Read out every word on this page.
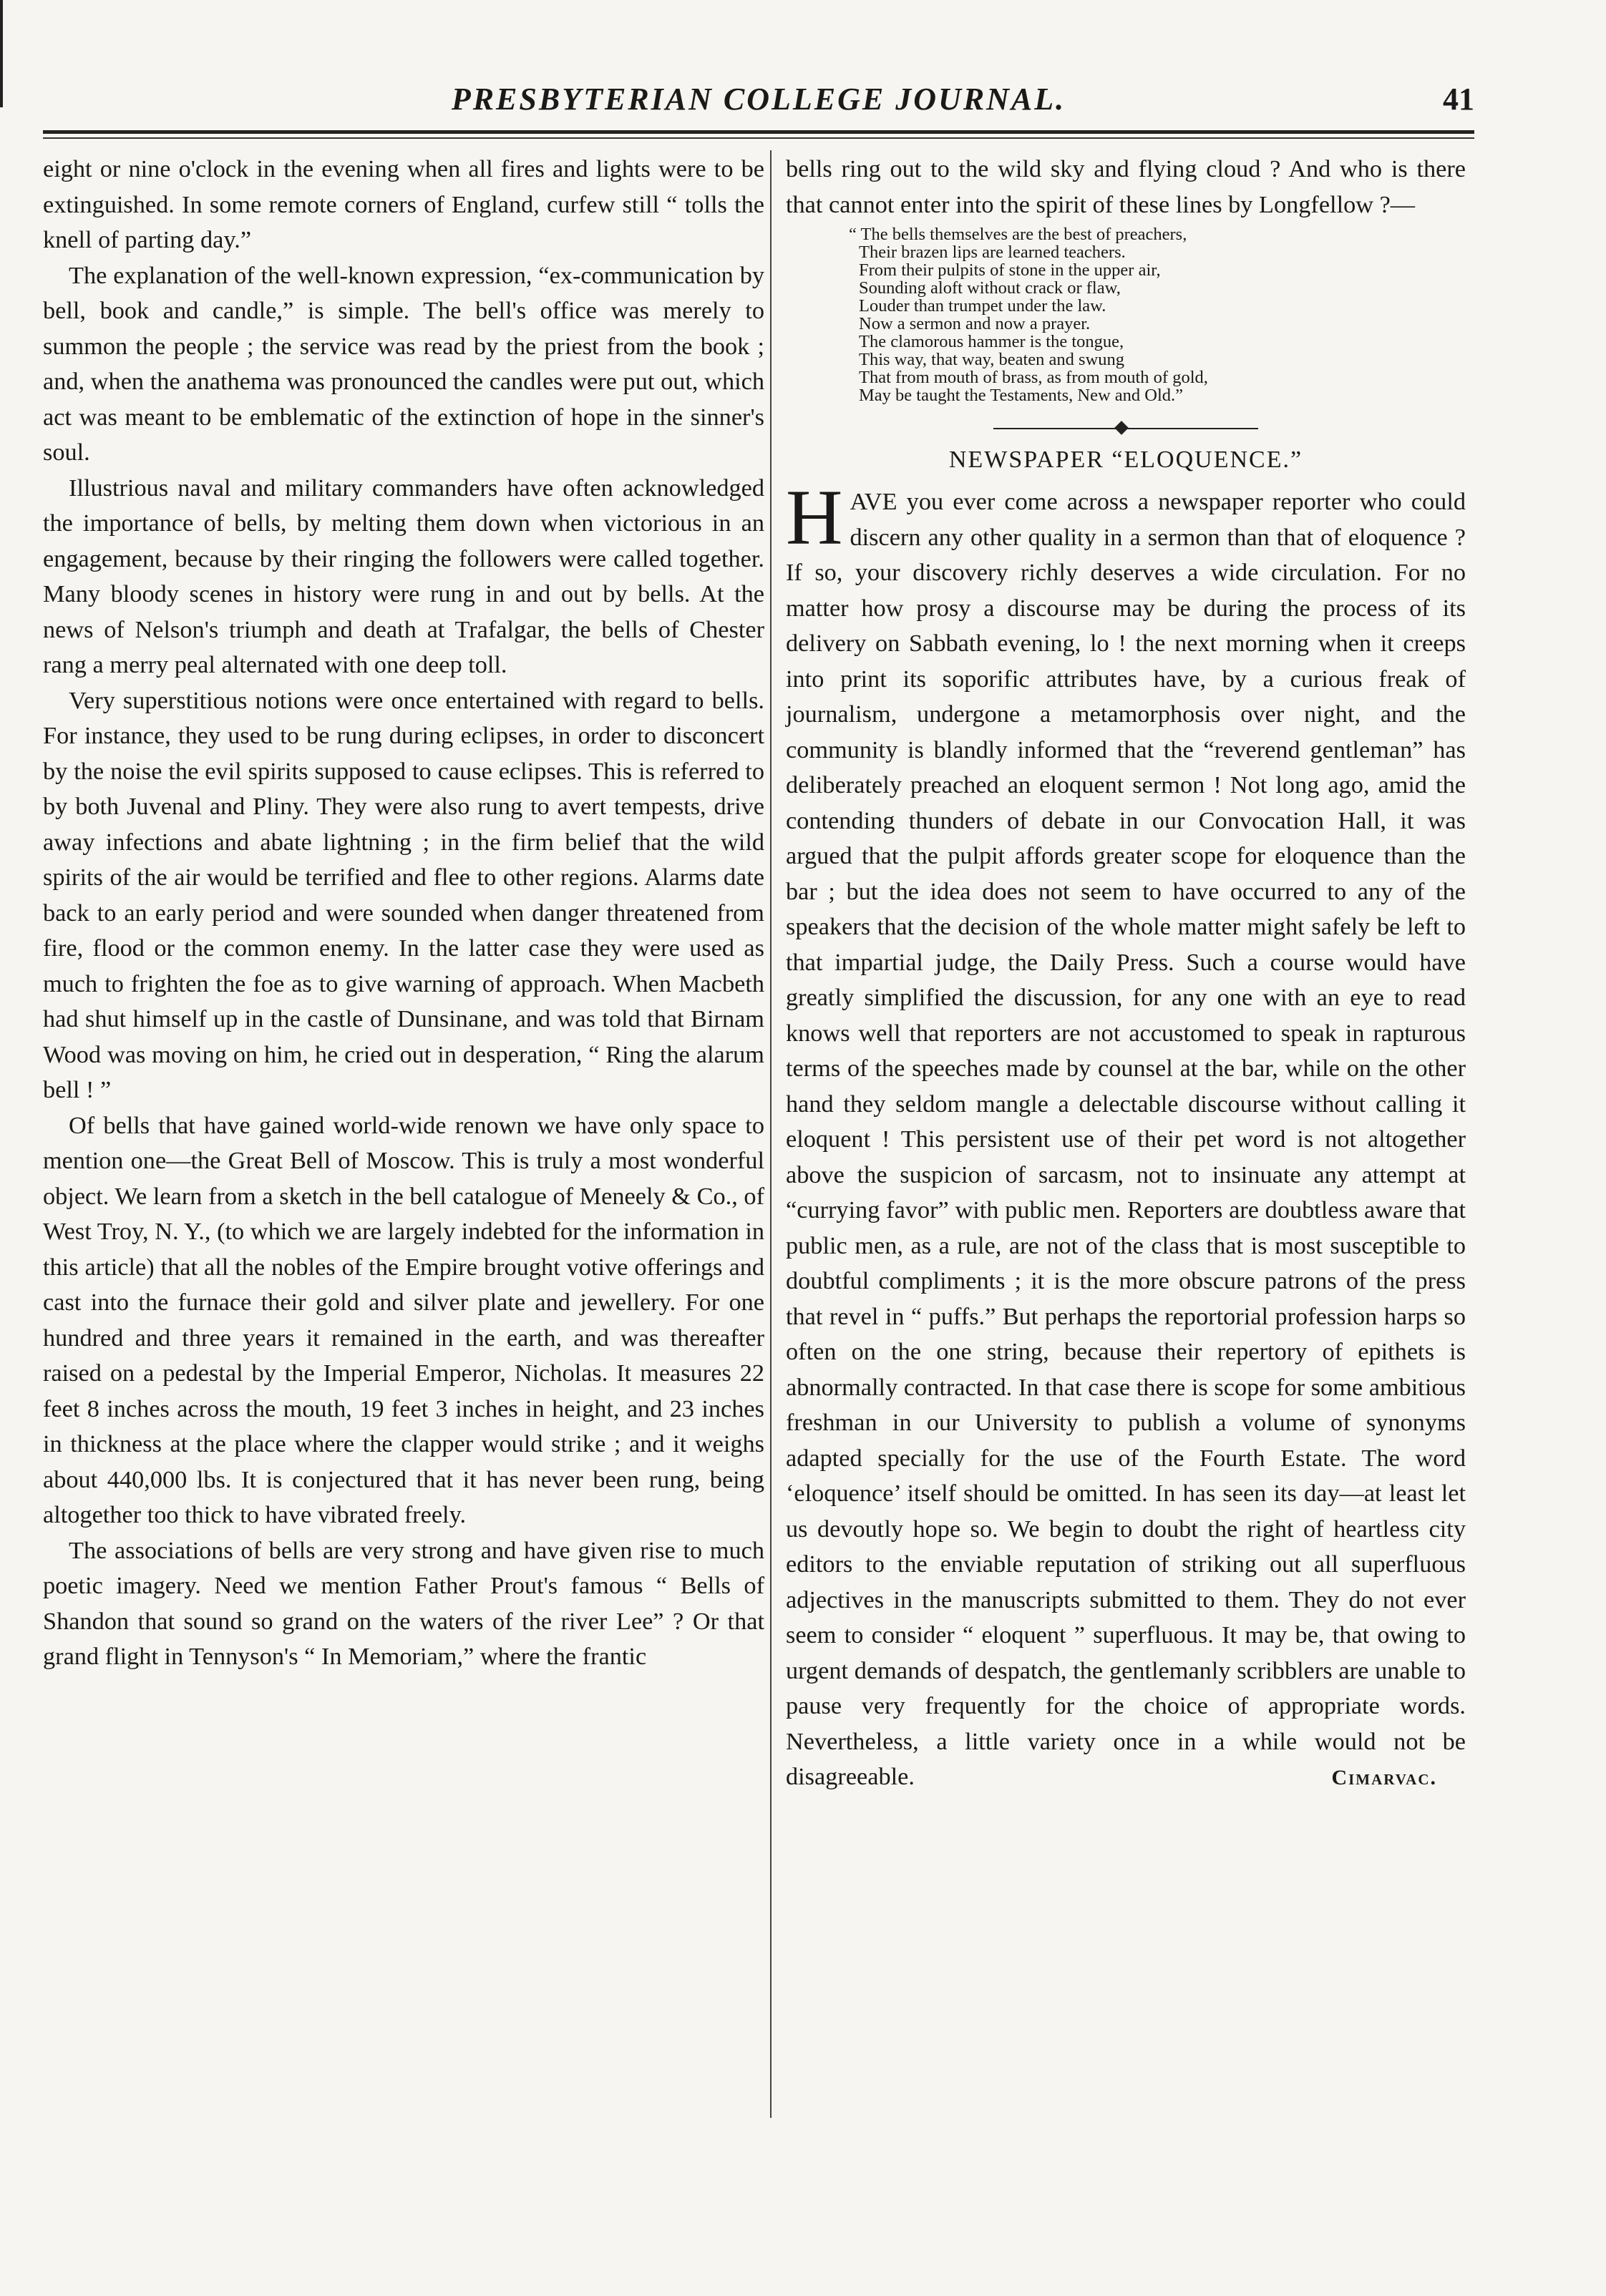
PRESBYTERIAN COLLEGE JOURNAL.	41

eight or nine o'clock in the evening when all fires and lights were to be extinguished. In some remote corners of England, curfew still “ tolls the knell of parting day.”

The explanation of the well-known expression, “ex-communication by bell, book and candle,” is simple. The bell's office was merely to summon the people ; the service was read by the priest from the book ; and, when the anathema was pronounced the candles were put out, which act was meant to be emblematic of the extinction of hope in the sinner's soul.

Illustrious naval and military commanders have often acknowledged the importance of bells, by melting them down when victorious in an engagement, because by their ringing the followers were called together. Many bloody scenes in history were rung in and out by bells. At the news of Nelson's triumph and death at Trafalgar, the bells of Chester rang a merry peal alternated with one deep toll.

Very superstitious notions were once entertained with regard to bells. For instance, they used to be rung during eclipses, in order to disconcert by the noise the evil spirits supposed to cause eclipses. This is referred to by both Juvenal and Pliny. They were also rung to avert tempests, drive away infections and abate lightning ; in the firm belief that the wild spirits of the air would be terrified and flee to other regions. Alarms date back to an early period and were sounded when danger threatened from fire, flood or the common enemy. In the latter case they were used as much to frighten the foe as to give warning of approach. When Macbeth had shut himself up in the castle of Dunsinane, and was told that Birnam Wood was moving on him, he cried out in desperation, “ Ring the alarum bell ! ”

Of bells that have gained world-wide renown we have only space to mention one—the Great Bell of Moscow. This is truly a most wonderful object. We learn from a sketch in the bell catalogue of Meneely & Co., of West Troy, N. Y., (to which we are largely indebted for the information in this article) that all the nobles of the Empire brought votive offerings and cast into the furnace their gold and silver plate and jewellery. For one hundred and three years it remained in the earth, and was thereafter raised on a pedestal by the Imperial Emperor, Nicholas. It measures 22 feet 8 inches across the mouth, 19 feet 3 inches in height, and 23 inches in thickness at the place where the clapper would strike ; and it weighs about 440,000 lbs. It is conjectured that it has never been rung, being altogether too thick to have vibrated freely.

The associations of bells are very strong and have given rise to much poetic imagery. Need we mention Father Prout's famous “ Bells of Shandon that sound so grand on the waters of the river Lee” ? Or that grand flight in Tennyson's “ In Memoriam,” where the frantic

bells ring out to the wild sky and flying cloud ? And who is there that cannot enter into the spirit of these lines by Longfellow ?—

“ The bells themselves are the best of preachers,
Their brazen lips are learned teachers.
From their pulpits of stone in the upper air,
Sounding aloft without crack or flaw,
Louder than trumpet under the law.
Now a sermon and now a prayer.
The clamorous hammer is the tongue,
This way, that way, beaten and swung
That from mouth of brass, as from mouth of gold,
May be taught the Testaments, New and Old.”
NEWSPAPER “ELOQUENCE.”

HAVE you ever come across a newspaper reporter who could discern any other quality in a sermon than that of eloquence ? If so, your discovery richly deserves a wide circulation. For no matter how prosy a discourse may be during the process of its delivery on Sabbath evening, lo ! the next morning when it creeps into print its soporific attributes have, by a curious freak of journalism, undergone a metamorphosis over night, and the community is blandly informed that the “reverend gentleman” has deliberately preached an eloquent sermon ! Not long ago, amid the contending thunders of debate in our Convocation Hall, it was argued that the pulpit affords greater scope for eloquence than the bar ; but the idea does not seem to have occurred to any of the speakers that the decision of the whole matter might safely be left to that impartial judge, the Daily Press. Such a course would have greatly simplified the discussion, for any one with an eye to read knows well that reporters are not accustomed to speak in rapturous terms of the speeches made by counsel at the bar, while on the other hand they seldom mangle a delectable discourse without calling it eloquent ! This persistent use of their pet word is not altogether above the suspicion of sarcasm, not to insinuate any attempt at “currying favor” with public men. Reporters are doubtless aware that public men, as a rule, are not of the class that is most susceptible to doubtful compliments ; it is the more obscure patrons of the press that revel in “ puffs.” But perhaps the reportorial profession harps so often on the one string, because their repertory of epithets is abnormally contracted. In that case there is scope for some ambitious freshman in our University to publish a volume of synonyms adapted specially for the use of the Fourth Estate. The word ‘eloquence’ itself should be omitted. In has seen its day—at least let us devoutly hope so. We begin to doubt the right of heartless city editors to the enviable reputation of striking out all superfluous adjectives in the manuscripts submitted to them. They do not ever seem to consider “ eloquent ” superfluous. It may be, that owing to urgent demands of despatch, the gentlemanly scribblers are unable to pause very frequently for the choice of appropriate words. Nevertheless, a little variety once in a while would not be disagreeable.	Cimarvac.
